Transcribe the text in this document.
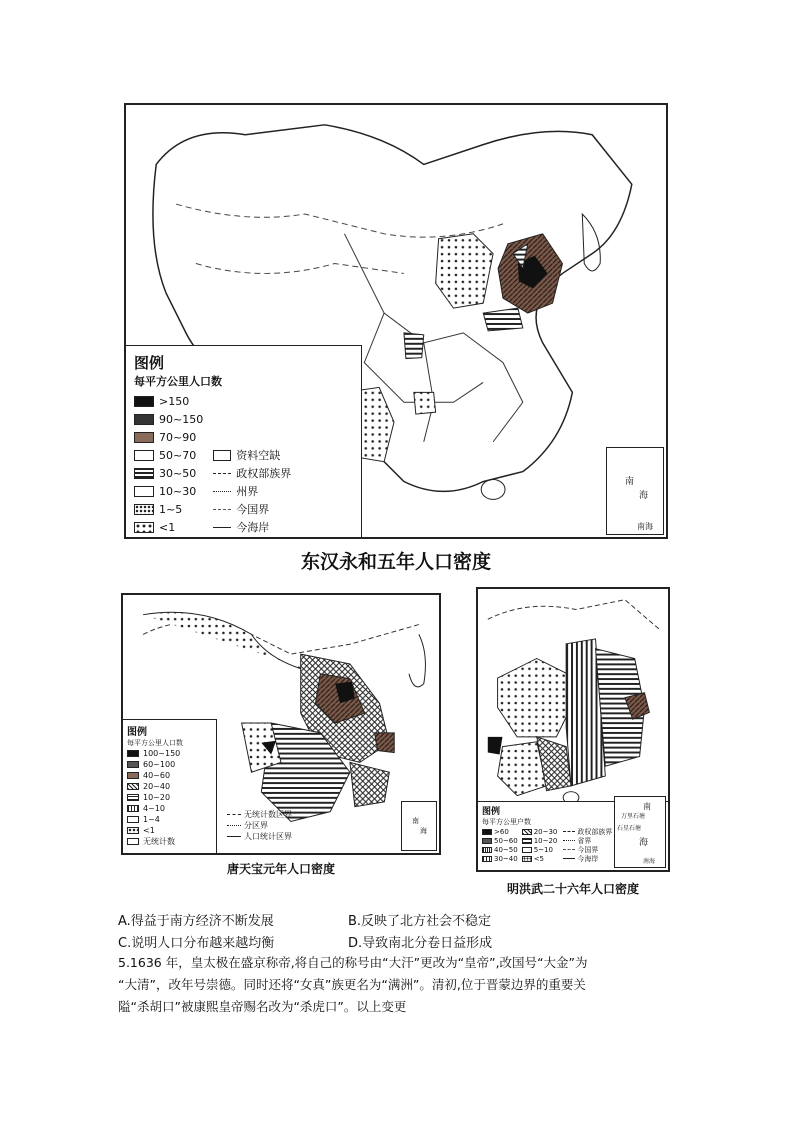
图例
每平方公里人口数
>150
90~150
70~90
50~70
30~50
10~30
1~5
<1
资料空缺
政权部族界
州界
今国界
今海岸
南
海
南海
东汉永和五年人口密度
图例
每平方公里人口数
100~150
60~100
40~60
20~40
10~20
4~10
1~4
<1
无统计数
无统计数区界
分区界
人口统计区界
南
海
唐天宝元年人口密度
图例
每平方公里户数
>60	20~30
50~60 10~20
40~50 5~10
30~40 <5
政权部族界
省界
今国界
今海岸
南
万里石塘
石星石塘
海
南海
明洪武二十六年人口密度
A.得益于南方经济不断发展	B.反映了北方社会不稳定
C.说明人口分布越来越均衡	D.导致南北分卷日益形成
5.1636 年，皇太极在盛京称帝,将自己的称号由“大汗”更改为“皇帝”,改国号“大金”为
“大清”，改年号崇德。同时还将“女真”族更名为“满洲”。清初,位于晋蒙边界的重要关
隘“杀胡口”被康熙皇帝赐名改为“杀虎口”。以上变更
